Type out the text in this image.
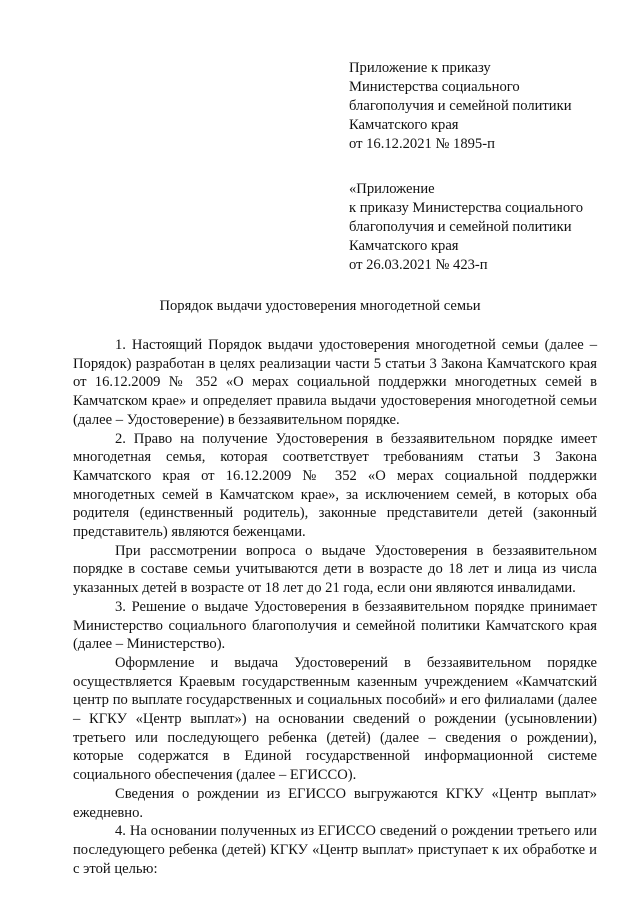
Приложение к приказу
Министерства социального
благополучия и семейной политики
Камчатского края
от 16.12.2021 № 1895-п
«Приложение
к приказу Министерства социального
благополучия и семейной политики
Камчатского края
от 26.03.2021 № 423-п
Порядок выдачи удостоверения многодетной семьи

1. Настоящий Порядок выдачи удостоверения многодетной семьи (далее – Порядок) разработан в целях реализации части 5 статьи 3 Закона Камчатского края от 16.12.2009 № 352 «О мерах социальной поддержки многодетных семей в Камчатском крае» и определяет правила выдачи удостоверения многодетной семьи (далее – Удостоверение) в беззаявительном порядке.

2. Право на получение Удостоверения в беззаявительном порядке имеет многодетная семья, которая соответствует требованиям статьи 3 Закона Камчатского края от 16.12.2009 № 352 «О мерах социальной поддержки многодетных семей в Камчатском крае», за исключением семей, в которых оба родителя (единственный родитель), законные представители детей (законный представитель) являются беженцами.

При рассмотрении вопроса о выдаче Удостоверения в беззаявительном порядке в составе семьи учитываются дети в возрасте до 18 лет и лица из числа указанных детей в возрасте от 18 лет до 21 года, если они являются инвалидами.

3. Решение о выдаче Удостоверения в беззаявительном порядке принимает Министерство социального благополучия и семейной политики Камчатского края (далее – Министерство).

Оформление и выдача Удостоверений в беззаявительном порядке осуществляется Краевым государственным казенным учреждением «Камчатский центр по выплате государственных и социальных пособий» и его филиалами (далее – КГКУ «Центр выплат») на основании сведений о рождении (усыновлении) третьего или последующего ребенка (детей) (далее – сведения о рождении), которые содержатся в Единой государственной информационной системе социального обеспечения (далее – ЕГИССО).

Сведения о рождении из ЕГИССО выгружаются КГКУ «Центр выплат» ежедневно.

4. На основании полученных из ЕГИССО сведений о рождении третьего или последующего ребенка (детей) КГКУ «Центр выплат» приступает к их обработке и с этой целью:
